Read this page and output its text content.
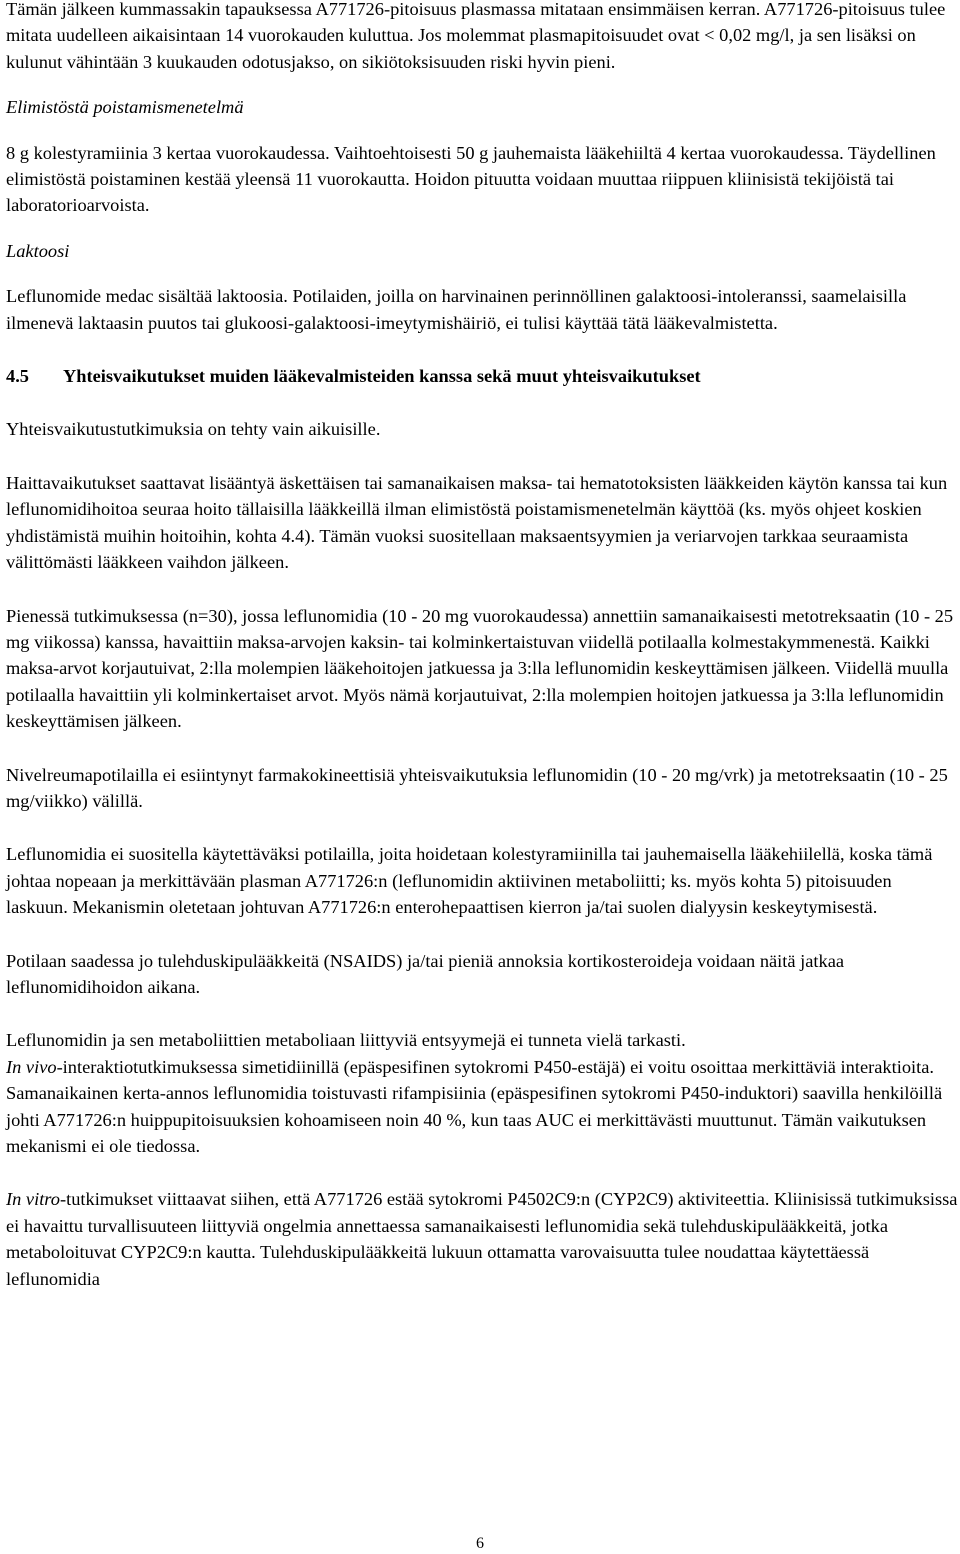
Tämän jälkeen kummassakin tapauksessa A771726-pitoisuus plasmassa mitataan ensimmäisen kerran. A771726-pitoisuus tulee mitata uudelleen aikaisintaan 14 vuorokauden kuluttua. Jos molemmat plasmapitoisuudet ovat < 0,02 mg/l, ja sen lisäksi on kulunut vähintään 3 kuukauden odotusjakso, on sikiötoksisuuden riski hyvin pieni.

Elimistöstä poistamismenetelmä

8 g kolestyramiinia 3 kertaa vuorokaudessa. Vaihtoehtoisesti 50 g jauhemaista lääkehiiltä 4 kertaa vuorokaudessa. Täydellinen elimistöstä poistaminen kestää yleensä 11 vuorokautta. Hoidon pituutta voidaan muuttaa riippuen kliinisistä tekijöistä tai laboratorioarvoista.

Laktoosi

Leflunomide medac sisältää laktoosia. Potilaiden, joilla on harvinainen perinnöllinen galaktoosi-intoleranssi, saamelaisilla ilmenevä laktaasin puutos tai glukoosi-galaktoosi-imeytymishäiriö, ei tulisi käyttää tätä lääkevalmistetta.

4.5 Yhteisvaikutukset muiden lääkevalmisteiden kanssa sekä muut yhteisvaikutukset

Yhteisvaikutustutkimuksia on tehty vain aikuisille.

Haittavaikutukset saattavat lisääntyä äskettäisen tai samanaikaisen maksa- tai hematotoksisten lääkkeiden käytön kanssa tai kun leflunomidihoitoa seuraa hoito tällaisilla lääkkeillä ilman elimistöstä poistamismenetelmän käyttöä (ks. myös ohjeet koskien yhdistämistä muihin hoitoihin, kohta 4.4). Tämän vuoksi suositellaan maksaentsyymien ja veriarvojen tarkkaa seuraamista välittömästi lääkkeen vaihdon jälkeen.

Pienessä tutkimuksessa (n=30), jossa leflunomidia (10 - 20 mg vuorokaudessa) annettiin samanaikaisesti metotreksaatin (10 - 25 mg viikossa) kanssa, havaittiin maksa-arvojen kaksin- tai kolminkertaistuvan viidellä potilaalla kolmestakymmenestä. Kaikki maksa-arvot korjautuivat, 2:lla molempien lääkehoitojen jatkuessa ja 3:lla leflunomidin keskeyttämisen jälkeen. Viidellä muulla potilaalla havaittiin yli kolminkertaiset arvot. Myös nämä korjautuivat, 2:lla molempien hoitojen jatkuessa ja 3:lla leflunomidin keskeyttämisen jälkeen.

Nivelreumapotilailla ei esiintynyt farmakokineettisiä yhteisvaikutuksia leflunomidin (10 - 20 mg/vrk) ja metotreksaatin (10 - 25 mg/viikko) välillä.

Leflunomidia ei suositella käytettäväksi potilailla, joita hoidetaan kolestyramiinilla tai jauhemaisella lääkehiilellä, koska tämä johtaa nopeaan ja merkittävään plasman A771726:n (leflunomidin aktiivinen metaboliitti; ks. myös kohta 5) pitoisuuden laskuun. Mekanismin oletetaan johtuvan A771726:n enterohepaattisen kierron ja/tai suolen dialyysin keskeytymisestä.

Potilaan saadessa jo tulehduskipulääkkeitä (NSAIDS) ja/tai pieniä annoksia kortikosteroideja voidaan näitä jatkaa leflunomidihoidon aikana.

Leflunomidin ja sen metaboliittien metaboliaan liittyviä entsyymejä ei tunneta vielä tarkasti.

In vivo-interaktiotutkimuksessa simetidiinillä (epäspesifinen sytokromi P450-estäjä) ei voitu osoittaa merkittäviä interaktioita. Samanaikainen kerta-annos leflunomidia toistuvasti rifampisiinia (epäspesifinen sytokromi P450-induktori) saavilla henkilöillä johti A771726:n huippupitoisuuksien kohoamiseen noin 40 %, kun taas AUC ei merkittävästi muuttunut. Tämän vaikutuksen mekanismi ei ole tiedossa.

In vitro-tutkimukset viittaavat siihen, että A771726 estää sytokromi P4502C9:n (CYP2C9) aktiviteettia. Kliinisissä tutkimuksissa ei havaittu turvallisuuteen liittyviä ongelmia annettaessa samanaikaisesti leflunomidia sekä tulehduskipulääkkeitä, jotka metaboloituvat CYP2C9:n kautta. Tulehduskipulääkkeitä lukuun ottamatta varovaisuutta tulee noudattaa käytettäessä leflunomidia

6
